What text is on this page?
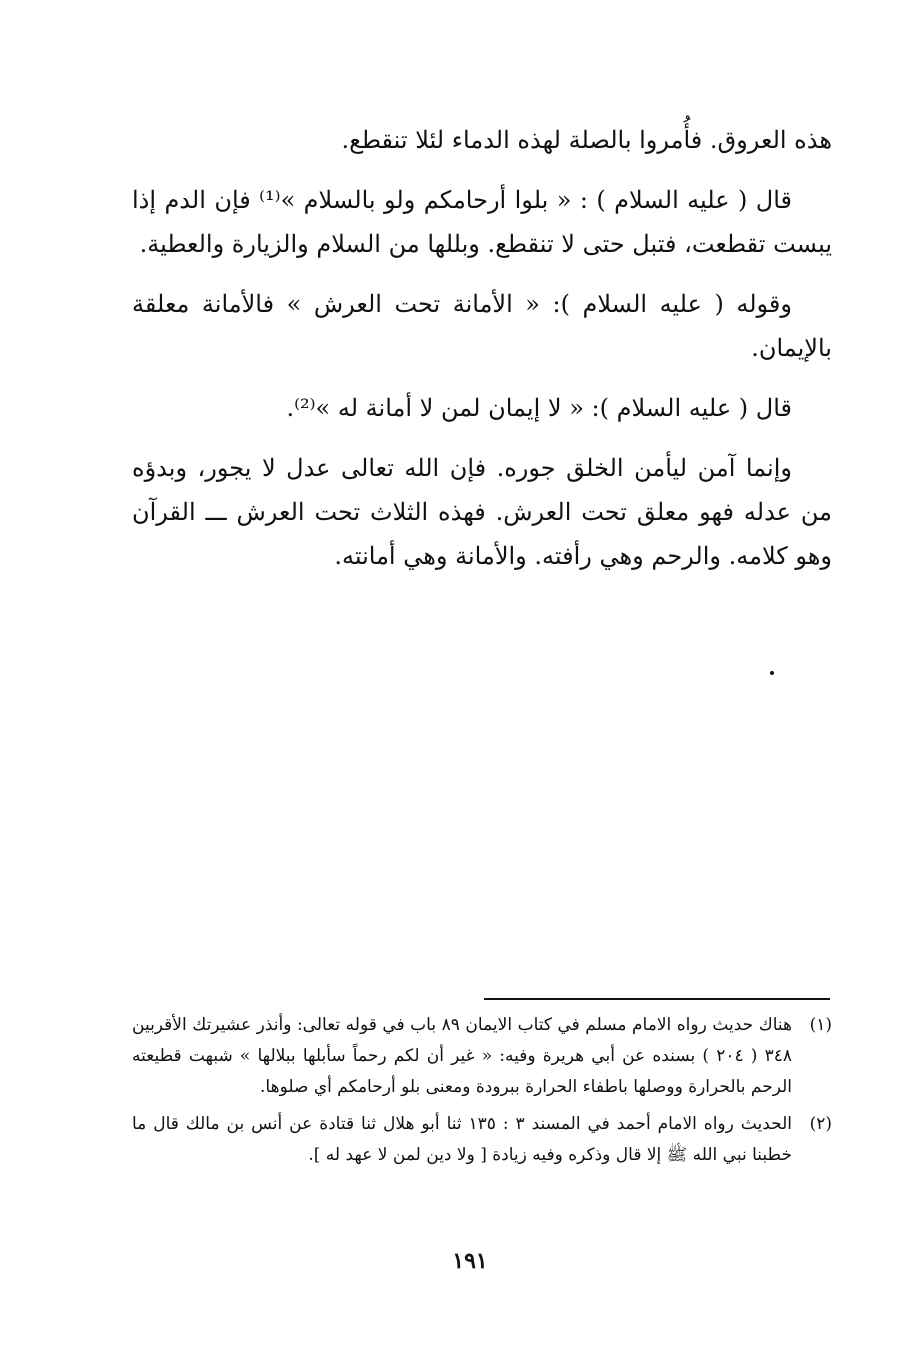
هذه العروق. فأُمروا بالصلة لهذه الدماء لئلا تنقطع.

قال ( عليه السلام ) : « بلوا أرحامكم ولو بالسلام »⁽¹⁾ فإن الدم إذا يبست تقطعت، فتبل حتى لا تنقطع. وبللها من السلام والزيارة والعطية.

وقوله ( عليه السلام ): « الأمانة تحت العرش » فالأمانة معلقة بالإيمان.

قال ( عليه السلام ): « لا إيمان لمن لا أمانة له »⁽²⁾.

وإنما آمن ليأمن الخلق جوره. فإن الله تعالى عدل لا يجور، وبدؤه من عدله فهو معلق تحت العرش. فهذه الثلاث تحت العرش ـــ القرآن وهو كلامه. والرحم وهي رأفته. والأمانة وهي أمانته.

(١)
هناك حديث رواه الامام مسلم في كتاب الايمان ٨٩ باب في قوله تعالى: وأنذر عشيرتك الأقربين ٣٤٨ ( ٢٠٤ ) بسنده عن أبي هريرة وفيه: « غير أن لكم رحماً سأبلها ببلالها » شبهت قطيعته الرحم بالحرارة ووصلها باطفاء الحرارة ببرودة ومعنى بلو أرحامكم أي صلوها.
(٢)
الحديث رواه الامام أحمد في المسند ٣ : ١٣٥ ثنا أبو هلال ثنا قتادة عن أنس بن مالك قال ما خطبنا نبي الله ﷺ إلا قال وذكره وفيه زيادة [ ولا دين لمن لا عهد له ].
١٩١
